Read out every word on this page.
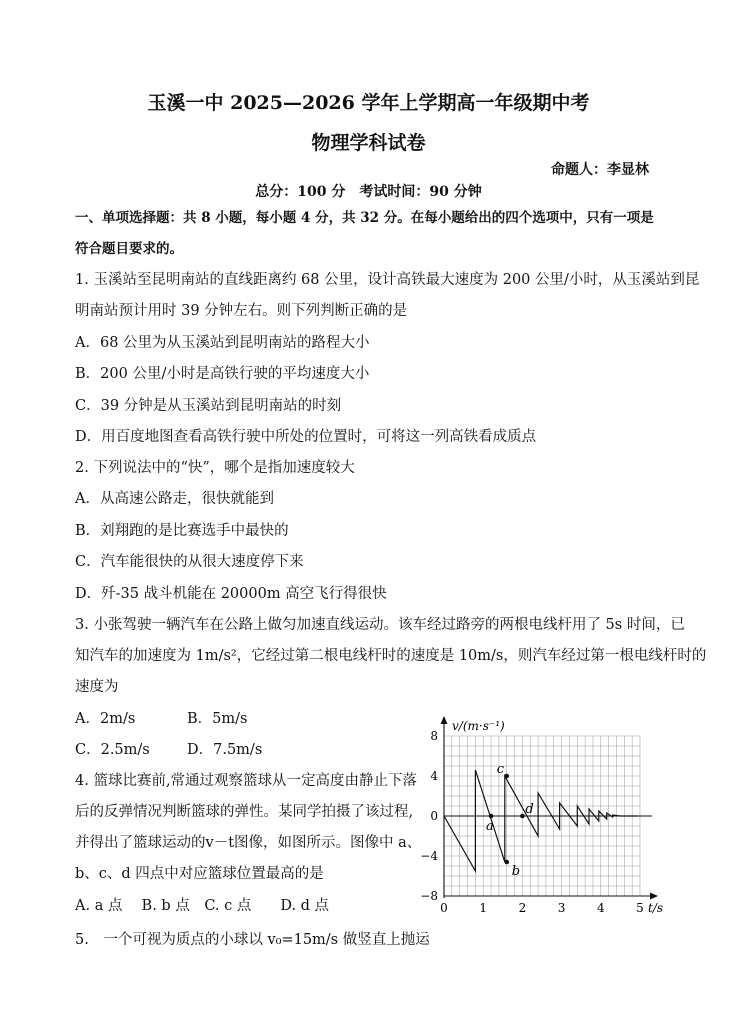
玉溪一中 2025—2026 学年上学期高一年级期中考
物理学科试卷
命题人：李显林
总分：100 分　考试时间：90 分钟
一、单项选择题：共 8 小题，每小题 4 分，共 32 分。在每小题给出的四个选项中，只有一项是
符合题目要求的。
1. 玉溪站至昆明南站的直线距离约 68 公里，设计高铁最大速度为 200 公里/小时，从玉溪站到昆
明南站预计用时 39 分钟左右。则下列判断正确的是
A．68 公里为从玉溪站到昆明南站的路程大小
B．200 公里/小时是高铁行驶的平均速度大小
C．39 分钟是从玉溪站到昆明南站的时刻
D．用百度地图查看高铁行驶中所处的位置时，可将这一列高铁看成质点
2. 下列说法中的“快”，哪个是指加速度较大
A．从高速公路走，很快就能到
B．刘翔跑的是比赛选手中最快的
C．汽车能很快的从很大速度停下来
D．歼-35 战斗机能在 20000m 高空飞行得很快
3. 小张驾驶一辆汽车在公路上做匀加速直线运动。该车经过路旁的两根电线杆用了 5s 时间，已
知汽车的加速度为 1m/s²，它经过第二根电线杆时的速度是 10m/s，则汽车经过第一根电线杆时的
速度为
A．2m/s	B．5m/s
C．2.5m/s	D．7.5m/s
4. 篮球比赛前,常通过观察篮球从一定高度由静止下落
后的反弹情况判断篮球的弹性。某同学拍摄了该过程,
并得出了篮球运动的v－t图像，如图所示。图像中 a、
b、c、d 四点中对应篮球位置最高的是
A. a 点　 B. b 点　C. c 点　　D. d 点
5.　一个可视为质点的小球以 v₀=15m/s 做竖直上抛运
8
4
0
−4
−8
0	1	2	3	4	5
a
b
c
d
v/(m·s⁻¹)
t/s
